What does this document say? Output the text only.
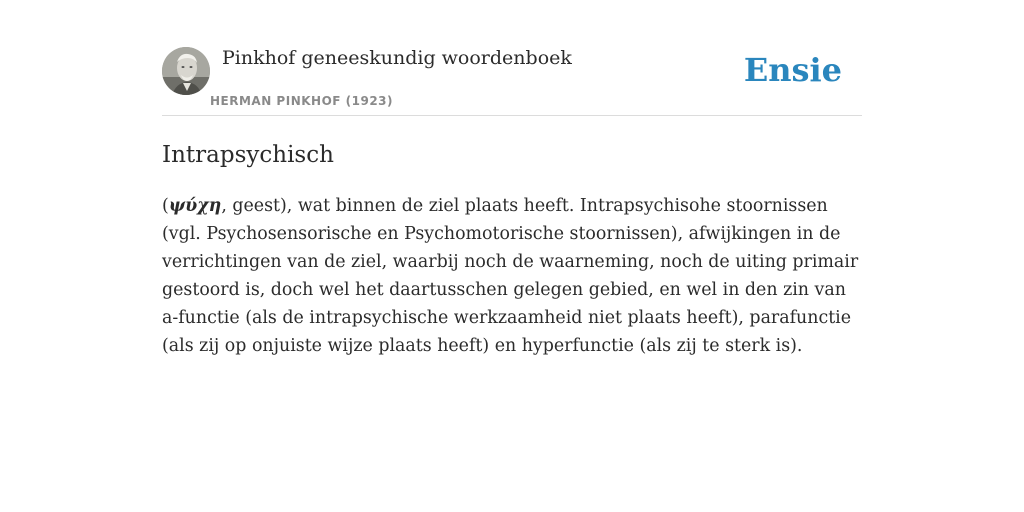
Pinkhof geneeskundig woordenboek
HERMAN PINKHOF (1923)
Ensie
Intrapsychisch

(ψύχη, geest), wat binnen de ziel plaats heeft. Intrapsychisohe stoornissen (vgl. Psychosensorische en Psychomotorische stoornissen), afwijkingen in de verrichtingen van de ziel, waarbij noch de waarneming, noch de uiting primair gestoord is, doch wel het daartusschen gelegen gebied, en wel in den zin van a-functie (als de intrapsychische werkzaamheid niet plaats heeft), parafunctie (als zij op onjuiste wijze plaats heeft) en hyperfunctie (als zij te sterk is).
